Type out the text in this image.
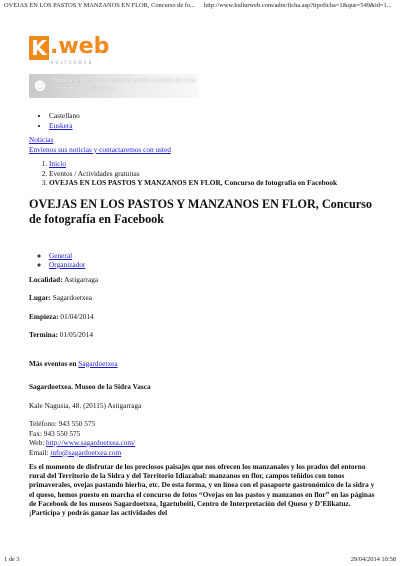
OVEJAS EN LOS PASTOS Y MANZANOS EN FLOR, Concurso de fo... http://www.kulturweb.com/adm/ficha.asp?tipoficha=1&que=549&id=1...
K .web
KULTURWEB
☻ Toda la información sobre la oferta cultural de ocio y turismo en Gipuzkoa.
• Castellano
• Euskera
Noticias
Envíenos sus noticias y contactaremos con usted
1. Inicio
2. Eventos / Actividades gratuitas
3. OVEJAS EN LOS PASTOS Y MANZANOS EN FLOR, Concurso de fotografía en Facebook
OVEJAS EN LOS PASTOS Y MANZANOS EN FLOR, Concurso de fotografía en Facebook
◦ General
◦ Organizador

Localidad: Astigarraga

Lugar: Sagardoetxea

Empieza: 01/04/2014

Termina: 01/05/2014

Más eventos en Sagardoetxea

Sagardoetxea. Museo de la Sidra Vasca

Kale Nagusia, 48. (20115) Astigarraga

Teléfono: 943 550 575

Fax: 943 550 575

Web: http://www.sagardoetxea.com/

Email: info@sagardoetxea.com

Es el momento de disfrutar de los preciosos paisajes que nos ofrecen los manzanales y los prados del entorno rural del Territorio de la Sidra y del Territorio Idiazabal: manzanos en flor, campos teñidos con tonos primaverales, ovejas pastando hierba, etc. De esta forma, y en línea con el pasaporte gastronómico de la sidra y el queso, hemos puesto en marcha el concurso de fotos “Ovejas en los pastos y manzanos en flor” en las páginas de Facebook de los museos Sagardoetxea, Igartubeiti, Centro de Interpretación del Queso y D’Elikatuz. ¡Participa y podrás ganar las actividades del

1 de 3	29/04/2014 10:58
